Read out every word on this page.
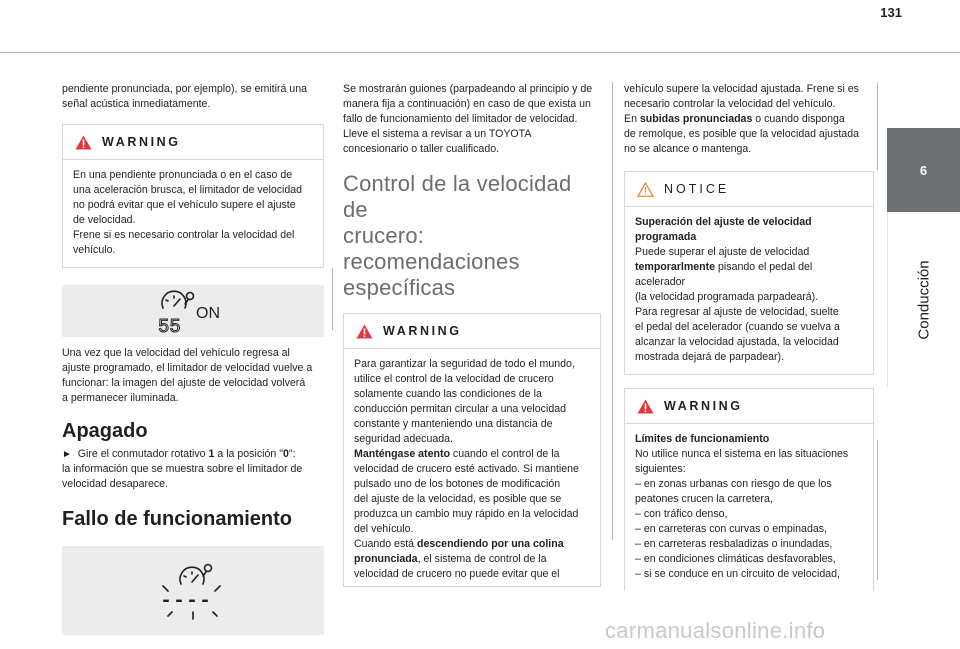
131
6
Conducción

pendiente pronunciada, por ejemplo), se emitirá una señal acústica inmediatamente.

WARNING

En una pendiente pronunciada o en el caso de

una aceleración brusca, el limitador de velocidad

no podrá evitar que el vehículo supere el ajuste

de velocidad.

Frene si es necesario controlar la velocidad del

vehículo.

ON
55

Una vez que la velocidad del vehículo regresa al

ajuste programado, el limitador de velocidad vuelve a

funcionar: la imagen del ajuste de velocidad volverá

a permanecer iluminada.

Apagado

► Gire el conmutador rotativo 1 a la posición "0":

la información que se muestra sobre el limitador de

velocidad desaparece.

Fallo de funcionamiento
----

Se mostrarán guiones (parpadeando al principio y de

manera fija a continuación) en caso de que exista un

fallo de funcionamiento del limitador de velocidad.

Lleve el sistema a revisar a un TOYOTA

concesionario o taller cualificado.

Control de la velocidad de
crucero: recomendaciones
específicas
WARNING

Para garantizar la seguridad de todo el mundo,

utilice el control de la velocidad de crucero

solamente cuando las condiciones de la

conducción permitan circular a una velocidad

constante y manteniendo una distancia de

seguridad adecuada.

Manténgase atento cuando el control de la

velocidad de crucero esté activado. Si mantiene

pulsado uno de los botones de modificación

del ajuste de la velocidad, es posible que se

produzca un cambio muy rápido en la velocidad

del vehículo.

Cuando está descendiendo por una colina

pronunciada, el sistema de control de la

velocidad de crucero no puede evitar que el

vehículo supere la velocidad ajustada. Frene si es

necesario controlar la velocidad del vehículo.

En subidas pronunciadas o cuando disponga

de remolque, es posible que la velocidad ajustada

no se alcance o mantenga.

NOTICE

Superación del ajuste de velocidad

programada

Puede superar el ajuste de velocidad

temporarlmente pisando el pedal del acelerador

(la velocidad programada parpadeará).

Para regresar al ajuste de velocidad, suelte

el pedal del acelerador (cuando se vuelva a

alcanzar la velocidad ajustada, la velocidad

mostrada dejará de parpadear).

WARNING

Límites de funcionamiento

No utilice nunca el sistema en las situaciones

siguientes:

– en zonas urbanas con riesgo de que los

peatones crucen la carretera,

– con tráfico denso,

– en carreteras con curvas o empinadas,

– en carreteras resbaladizas o inundadas,

– en condiciones climáticas desfavorables,

– si se conduce en un circuito de velocidad,

carmanualsonline.info
